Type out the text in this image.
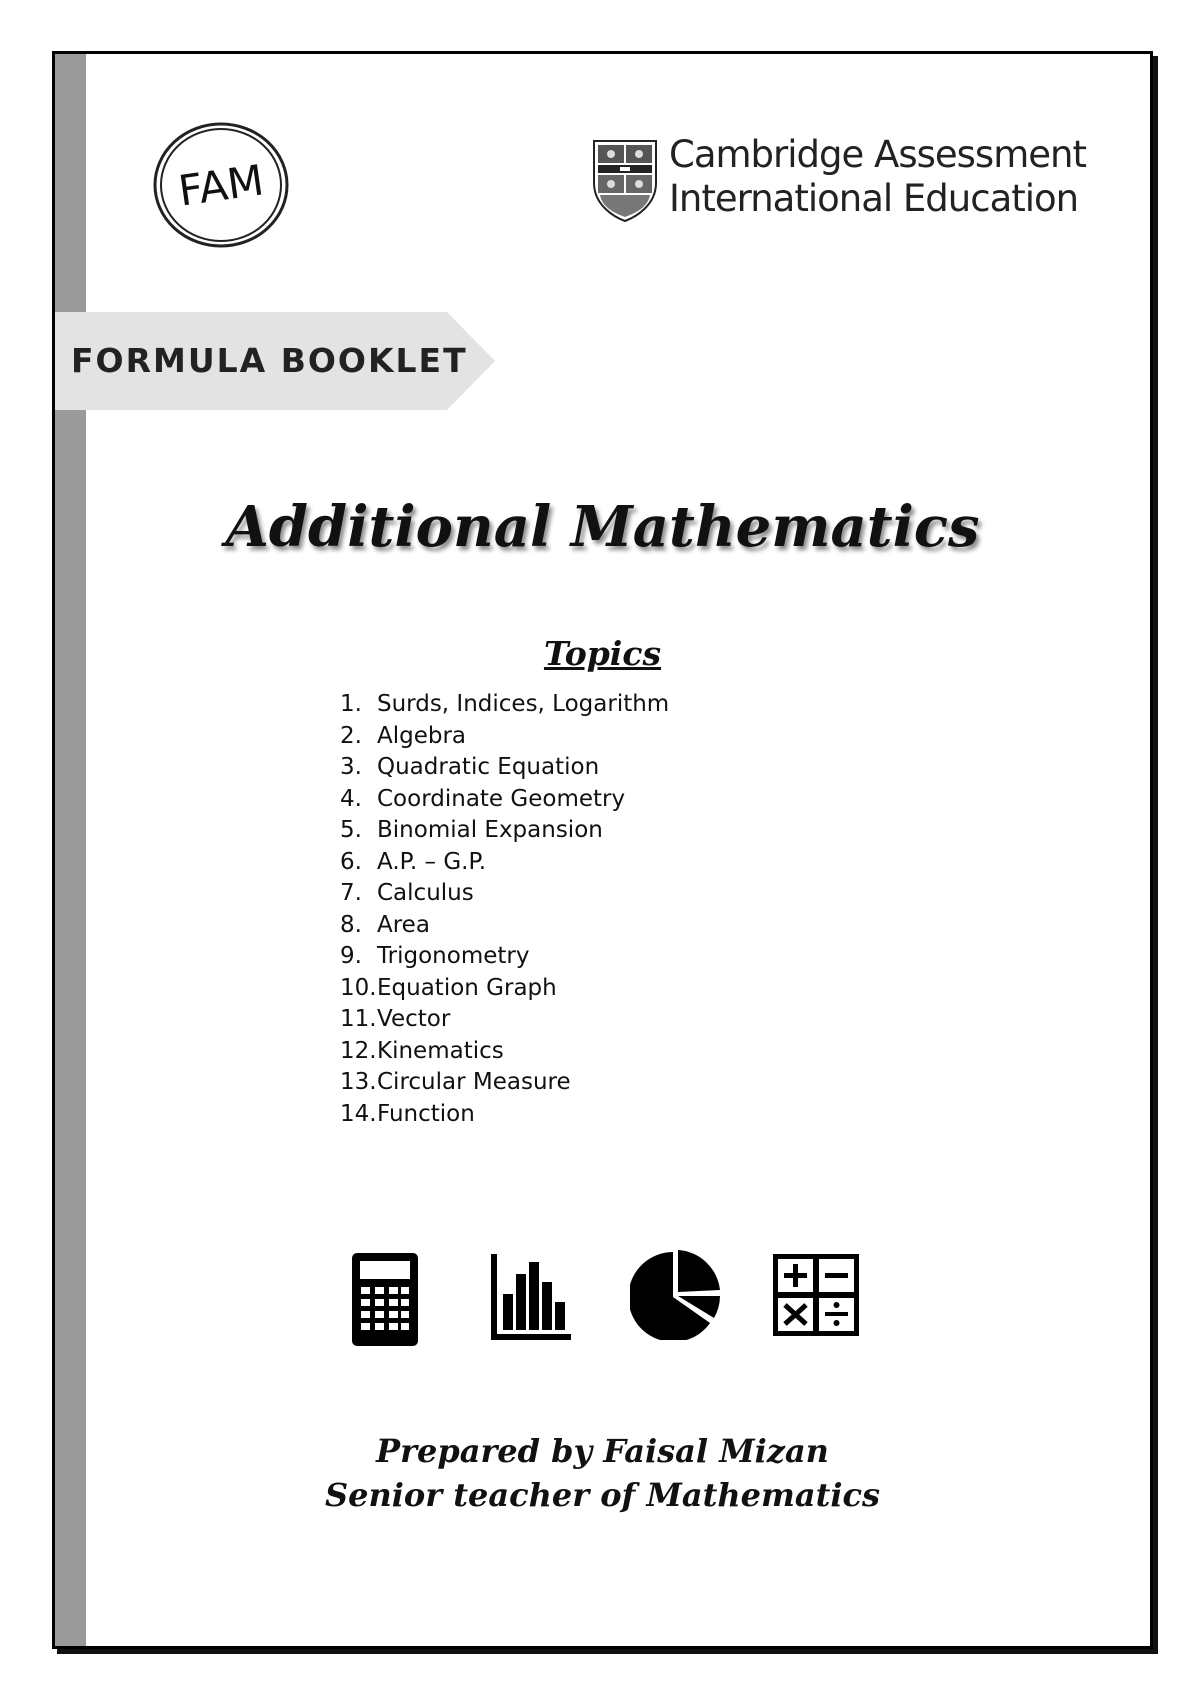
FAM
Cambridge Assessment
International Education
FORMULA BOOKLET
Additional Mathematics
Topics
1. Surds, Indices, Logarithm
2. Algebra
3. Quadratic Equation
4. Coordinate Geometry
5. Binomial Expansion
6. A.P. – G.P.
7. Calculus
8. Area
9. Trigonometry
10.Equation Graph
11.Vector
12.Kinematics
13.Circular Measure
14.Function
Prepared by Faisal Mizan
Senior teacher of Mathematics
